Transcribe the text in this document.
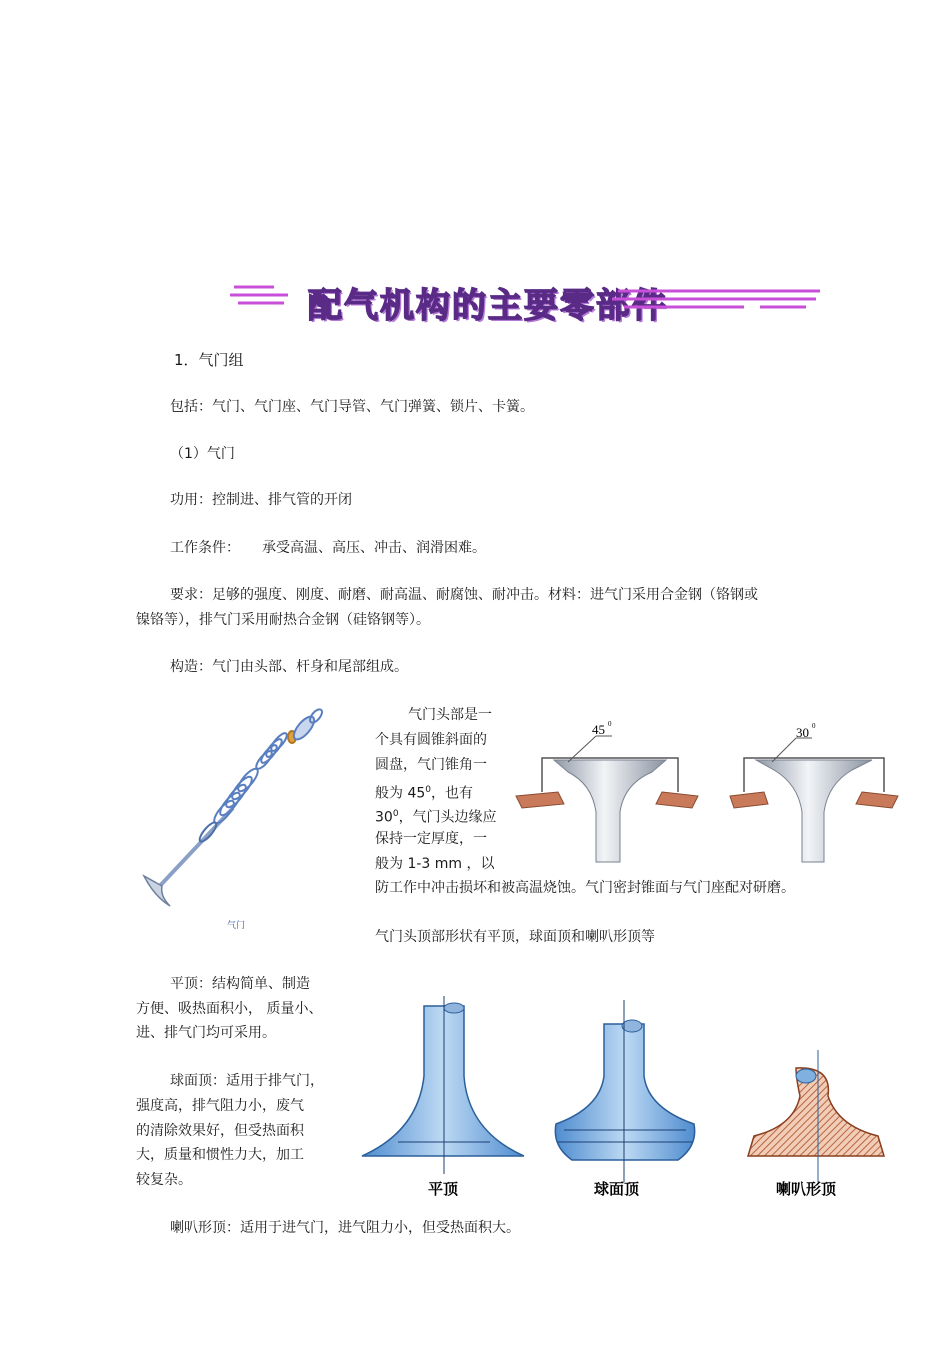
配气机构的主要零部件
1．气门组
包括：气门、气门座、气门导管、气门弹簧、锁片、卡簧。
（1）气门
功用：控制进、排气管的开闭
工作条件： 承受高温、高压、冲击、润滑困难。
要求：足够的强度、刚度、耐磨、耐高温、耐腐蚀、耐冲击。材料：进气门采用合金钢（铬钢或
镍铬等），排气门采用耐热合金钢（硅铬钢等）。
构造：气门由头部、杆身和尾部组成。
气门
气门头部是一
个具有圆锥斜面的
圆盘，气门锥角一
般为 $45^0$，也有
$30^0$，气门头边缘应
保持一定厚度，一
般为 1-3 mm ，以
防工作中冲击损坏和被高温烧蚀。气门密封锥面与气门座配对研磨。
45 0
30 0
气门头顶部形状有平顶，球面顶和喇叭形顶等
平顶：结构简单、制造
方便、吸热面积小， 质量小、
进、排气门均可采用。
球面顶：适用于排气门，
强度高，排气阻力小，废气
的清除效果好，但受热面积
大，质量和惯性力大，加工
较复杂。	平顶	球面顶	喇叭形顶
喇叭形顶：适用于进气门，进气阻力小，但受热面积大。
